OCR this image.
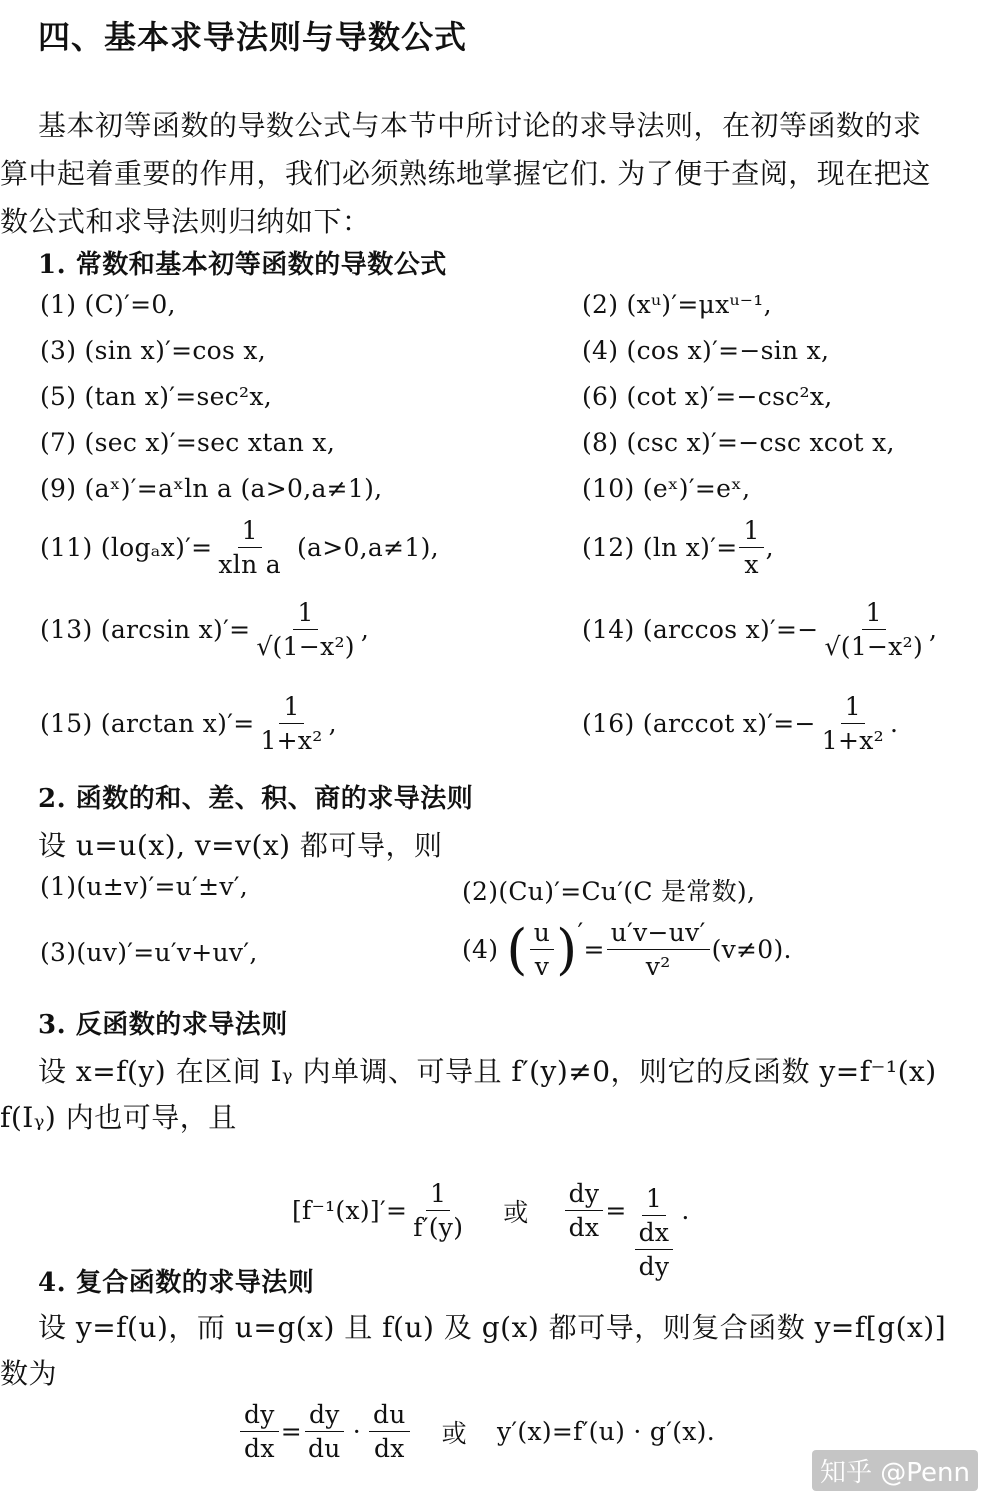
四、基本求导法则与导数公式
基本初等函数的导数公式与本节中所讨论的求导法则，在初等函数的求
算中起着重要的作用，我们必须熟练地掌握它们. 为了便于查阅，现在把这
数公式和求导法则归纳如下：
1. 常数和基本初等函数的导数公式
(1) (C)′=0,	(2) (xᵘ)′=μxᵘ⁻¹,
(3) (sin x)′=cos x,	(4) (cos x)′=−sin x,
(5) (tan x)′=sec²x,	(6) (cot x)′=−csc²x,
(7) (sec x)′=sec xtan x,	(8) (csc x)′=−csc xcot x,
(9) (aˣ)′=aˣln a (a>0,a≠1),	(10) (eˣ)′=eˣ,
(11) $(\log_ax)'= \frac{1}{\text{xln a}} (a>0,a\ne 1)$,	(12) (ln $x)'= \frac{1}{x}$ ,
(13) (arcsin $x)'= \frac{1}{\text{√(1−x²)}}$ ,	(14) (arccos $x)'=- \frac{1}{\text{√(1−x²)}}$ ,
(15) (arctan $x)'= \frac{1}{\text{1+x²}}$ ,	(16) (arccot $x)'=- \frac{1}{\text{1+x²}}$ .
2. 函数的和、差、积、商的求导法则
设 u=u(x), v=v(x) 都可导，则
(1)(u±v)′=u′±v′,	(2)(Cu)′=Cu′(C 是常数),
(3)(uv)′=u′v+uv′,	(4) ( $\frac{u}{v}$ ) ′
= $\frac{u'v-uv'}{\text{v²}} (v\ne 0)$.
3. 反函数的求导法则
设 x=f(y) 在区间 Iᵧ 内单调、可导且 f′(y)≠0，则它的反函数 y=f⁻¹(x)
f(Iᵧ) 内也可导，且
$[f^{-1}(x)]'= \frac{1}{f'(y)}$ 或 $\frac{dy}{dx} = \frac{1}{\frac{dx}{dy}}$ .
4. 复合函数的求导法则
设 y=f(u)，而 u=g(x) 且 f(u) 及 g(x) 都可导，则复合函数 y=f[g(x)]
数为
$\frac{dy}{dx} = \frac{dy}{du} \cdot \frac{du}{dx}$ 或 y′(x)=f′(u) · g′(x).
知乎 @Penn
